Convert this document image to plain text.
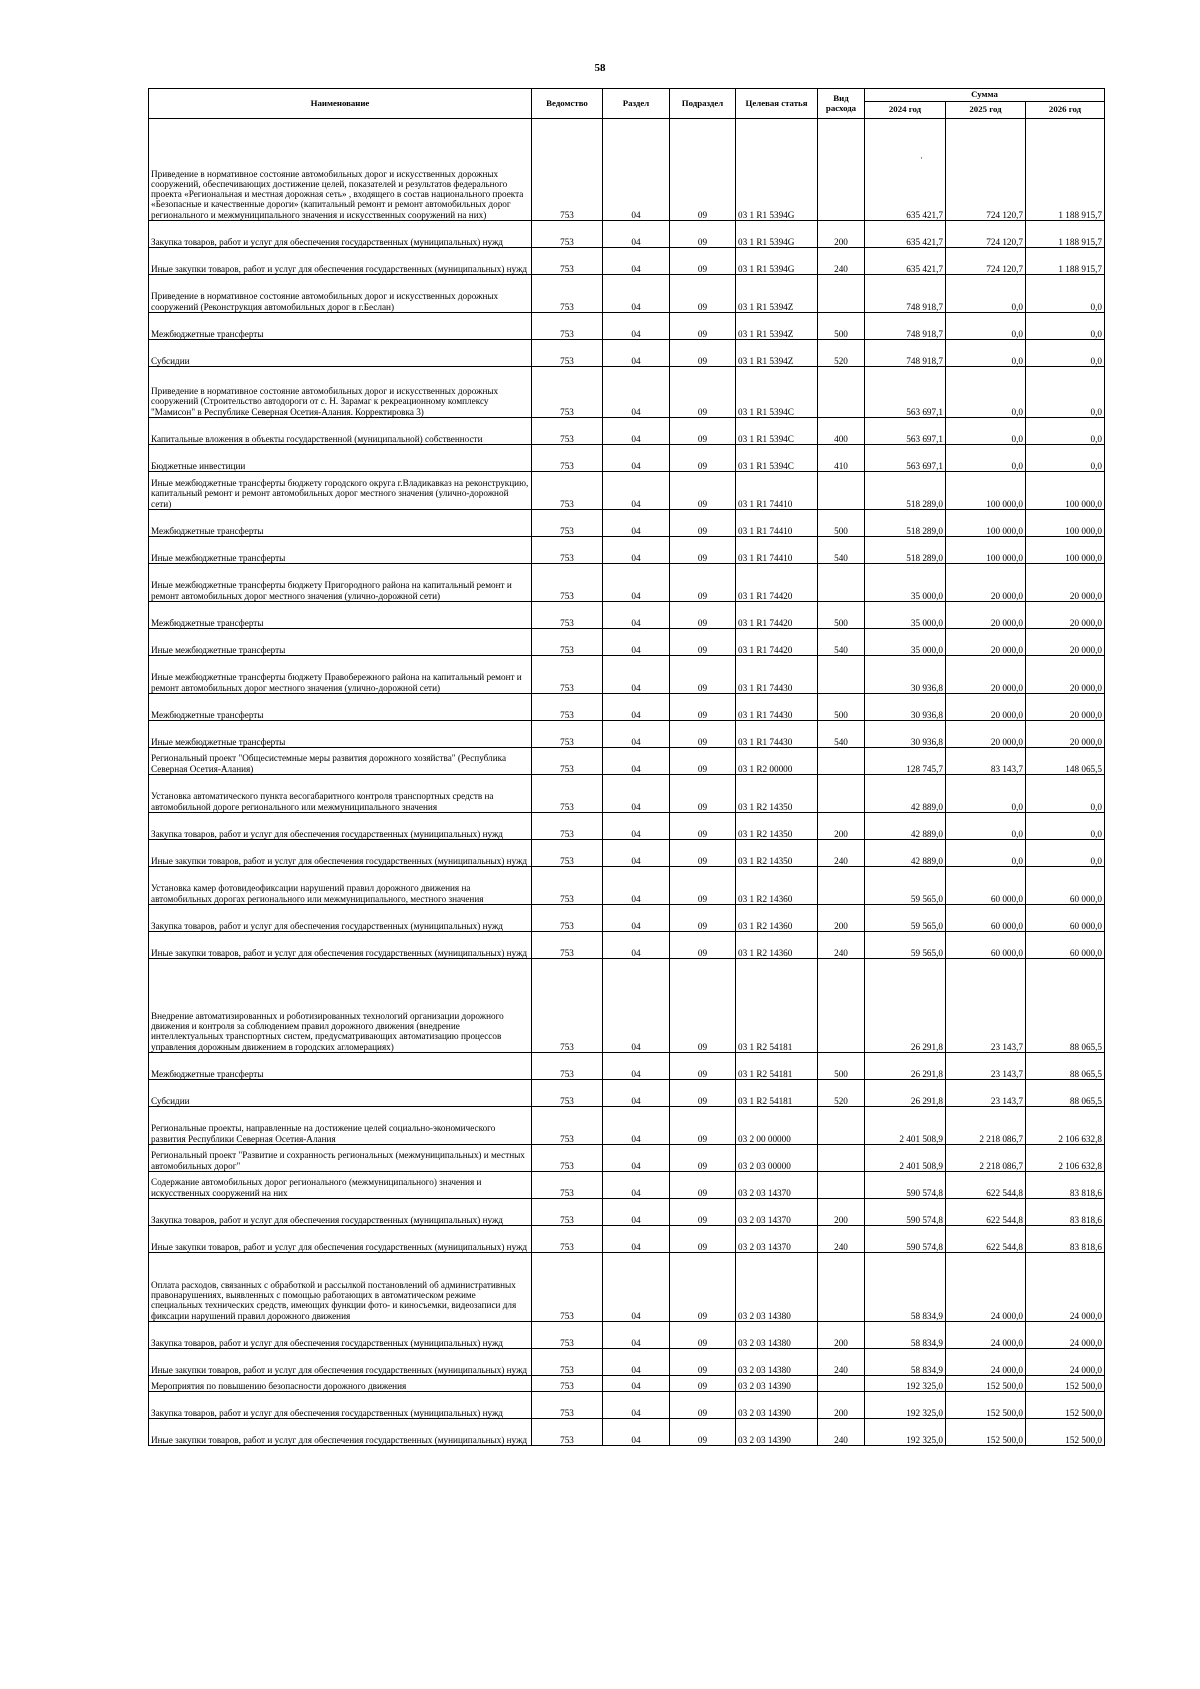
58
·
Наименование	Ведомство	Раздел	Подраздел	Целевая статья	Вид расхода	Сумма		
						2024 год	2025 год	2026 год
Приведение в нормативное состояние автомобильных дорог и искусственных дорожных сооружений, обеспечивающих достижение целей, показателей и результатов федерального проекта «Региональная и местная дорожная сеть» , входящего в состав национального проекта «Безопасные и качественные дороги» (капитальный ремонт и ремонт автомобильных дорог регионального и межмуниципального значения и искусственных сооружений на них)	753	04	09	03 1 R1 5394G		635 421,7	724 120,7	1 188 915,7
Закупка товаров, работ и услуг для обеспечения государственных (муниципальных) нужд	753	04	09	03 1 R1 5394G	200	635 421,7	724 120,7	1 188 915,7
Иные закупки товаров, работ и услуг для обеспечения государственных (муниципальных) нужд	753	04	09	03 1 R1 5394G	240	635 421,7	724 120,7	1 188 915,7
Приведение в нормативное состояние автомобильных дорог и искусственных дорожных сооружений (Реконструкция автомобильных дорог в г.Беслан)	753	04	09	03 1 R1 5394Z		748 918,7	0,0	0,0
Межбюджетные трансферты	753	04	09	03 1 R1 5394Z	500	748 918,7	0,0	0,0
Субсидии	753	04	09	03 1 R1 5394Z	520	748 918,7	0,0	0,0
Приведение в нормативное состояние автомобильных дорог и искусственных дорожных сооружений (Строительство автодороги от с. Н. Зарамаг к рекреационному комплексу "Мамисон" в Республике Северная Осетия-Алания. Корректировка 3)	753	04	09	03 1 R1 5394C		563 697,1	0,0	0,0
Капитальные вложения в объекты государственной (муниципальной) собственности	753	04	09	03 1 R1 5394C	400	563 697,1	0,0	0,0
Бюджетные инвестиции	753	04	09	03 1 R1 5394C	410	563 697,1	0,0	0,0
Иные межбюджетные трансферты бюджету городского округа г.Владикавказ на реконструкцию, капитальный ремонт и ремонт автомобильных дорог местного значения (улично-дорожной сети)	753	04	09	03 1 R1 74410		518 289,0	100 000,0	100 000,0
Межбюджетные трансферты	753	04	09	03 1 R1 74410	500	518 289,0	100 000,0	100 000,0
Иные межбюджетные трансферты	753	04	09	03 1 R1 74410	540	518 289,0	100 000,0	100 000,0
Иные межбюджетные трансферты бюджету Пригородного района на капитальный ремонт и ремонт автомобильных дорог местного значения (улично-дорожной сети)	753	04	09	03 1 R1 74420		35 000,0	20 000,0	20 000,0
Межбюджетные трансферты	753	04	09	03 1 R1 74420	500	35 000,0	20 000,0	20 000,0
Иные межбюджетные трансферты	753	04	09	03 1 R1 74420	540	35 000,0	20 000,0	20 000,0
Иные межбюджетные трансферты бюджету Правобережного района на капитальный ремонт и ремонт автомобильных дорог местного значения (улично-дорожной сети)	753	04	09	03 1 R1 74430		30 936,8	20 000,0	20 000,0
Межбюджетные трансферты	753	04	09	03 1 R1 74430	500	30 936,8	20 000,0	20 000,0
Иные межбюджетные трансферты	753	04	09	03 1 R1 74430	540	30 936,8	20 000,0	20 000,0
Региональный проект "Общесистемные меры развития дорожного хозяйства" (Республика Северная Осетия-Алания)	753	04	09	03 1 R2 00000		128 745,7	83 143,7	148 065,5
Установка автоматического пункта весогабаритного контроля транспортных средств на автомобильной дороге регионального или межмуниципального значения	753	04	09	03 1 R2 14350		42 889,0	0,0	0,0
Закупка товаров, работ и услуг для обеспечения государственных (муниципальных) нужд	753	04	09	03 1 R2 14350	200	42 889,0	0,0	0,0
Иные закупки товаров, работ и услуг для обеспечения государственных (муниципальных) нужд	753	04	09	03 1 R2 14350	240	42 889,0	0,0	0,0
Установка камер фотовидеофиксации нарушений правил дорожного движения на автомобильных дорогах регионального или межмуниципального, местного значения	753	04	09	03 1 R2 14360		59 565,0	60 000,0	60 000,0
Закупка товаров, работ и услуг для обеспечения государственных (муниципальных) нужд	753	04	09	03 1 R2 14360	200	59 565,0	60 000,0	60 000,0
Иные закупки товаров, работ и услуг для обеспечения государственных (муниципальных) нужд	753	04	09	03 1 R2 14360	240	59 565,0	60 000,0	60 000,0
Внедрение автоматизированных и роботизированных технологий организации дорожного движения и контроля за соблюдением правил дорожного движения (внедрение интеллектуальных транспортных систем, предусматривающих автоматизацию процессов управления дорожным движением в городских агломерациях)	753	04	09	03 1 R2 54181		26 291,8	23 143,7	88 065,5
Межбюджетные трансферты	753	04	09	03 1 R2 54181	500	26 291,8	23 143,7	88 065,5
Субсидии	753	04	09	03 1 R2 54181	520	26 291,8	23 143,7	88 065,5
Региональные проекты, направленные на достижение целей социально-экономического развития Республики Северная Осетия-Алания	753	04	09	03 2 00 00000		2 401 508,9	2 218 086,7	2 106 632,8
Региональный проект "Развитие и сохранность региональных (межмуниципальных) и местных автомобильных дорог"	753	04	09	03 2 03 00000		2 401 508,9	2 218 086,7	2 106 632,8
Содержание автомобильных дорог регионального (межмуниципального) значения и искусственных сооружений на них	753	04	09	03 2 03 14370		590 574,8	622 544,8	83 818,6
Закупка товаров, работ и услуг для обеспечения государственных (муниципальных) нужд	753	04	09	03 2 03 14370	200	590 574,8	622 544,8	83 818,6
Иные закупки товаров, работ и услуг для обеспечения государственных (муниципальных) нужд	753	04	09	03 2 03 14370	240	590 574,8	622 544,8	83 818,6
Оплата расходов, связанных с обработкой и рассылкой постановлений об административных правонарушениях, выявленных с помощью работающих в автоматическом режиме специальных технических средств, имеющих функции фото- и киносъемки, видеозаписи для фиксации нарушений правил дорожного движения	753	04	09	03 2 03 14380		58 834,9	24 000,0	24 000,0
Закупка товаров, работ и услуг для обеспечения государственных (муниципальных) нужд	753	04	09	03 2 03 14380	200	58 834,9	24 000,0	24 000,0
Иные закупки товаров, работ и услуг для обеспечения государственных (муниципальных) нужд	753	04	09	03 2 03 14380	240	58 834,9	24 000,0	24 000,0
Мероприятия по повышению безопасности дорожного движения	753	04	09	03 2 03 14390		192 325,0	152 500,0	152 500,0
Закупка товаров, работ и услуг для обеспечения государственных (муниципальных) нужд	753	04	09	03 2 03 14390	200	192 325,0	152 500,0	152 500,0
Иные закупки товаров, работ и услуг для обеспечения государственных (муниципальных) нужд	753	04	09	03 2 03 14390	240	192 325,0	152 500,0	152 500,0
